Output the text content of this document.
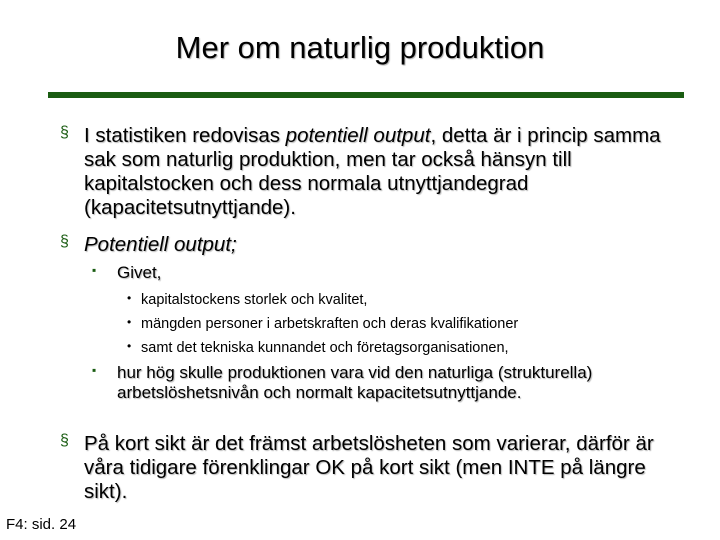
Mer om naturlig produktion
§ I statistiken redovisas potentiell output, detta är i princip samma sak som naturlig produktion, men tar också hänsyn till kapitalstocken och dess normala utnyttjandegrad (kapacitetsutnyttjande).
§ Potentiell output;
▪ Givet,
• kapitalstockens storlek och kvalitet,
• mängden personer i arbetskraften och deras kvalifikationer
• samt det tekniska kunnandet och företagsorganisationen,
▪ hur hög skulle produktionen vara vid den naturliga (strukturella) arbetslöshetsnivån och normalt kapacitetsutnyttjande.
§ På kort sikt är det främst arbetslösheten som varierar, därför är våra tidigare förenklingar OK på kort sikt (men INTE på längre sikt).
F4: sid. 24
